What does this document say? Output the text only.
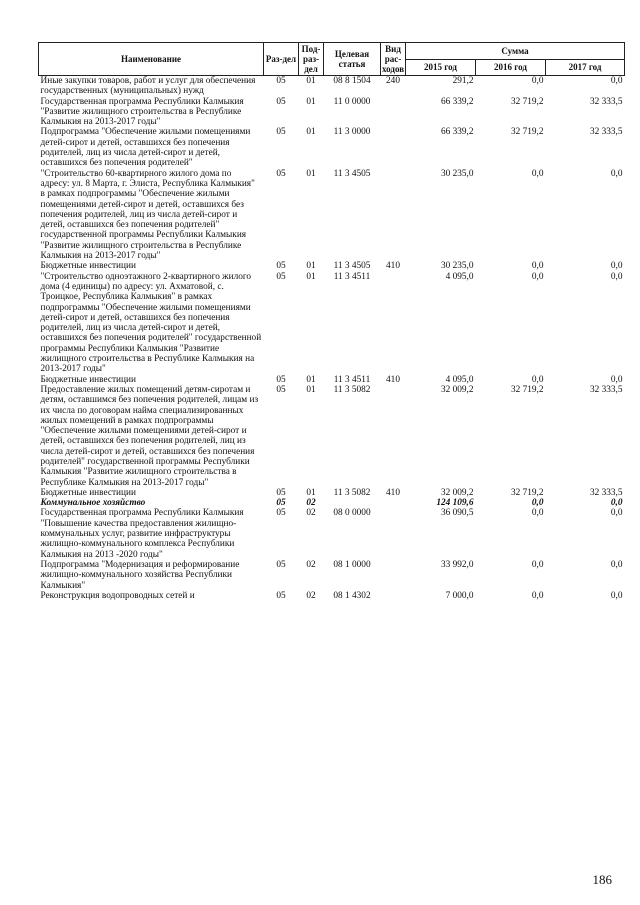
Наименование	Раз-дел	Под-раз-дел	Целевая статья	Вид рас-ходов	Сумма		
					2015 год	2016 год	2017 год
Иные закупки товаров, работ и услуг для обеспечения государственных (муниципальных) нужд	05	01	08 8 1504	240	291,2	0,0	0,0
Государственная программа Республики Калмыкия "Развитие жилищного строительства в Республике Калмыкия на 2013-2017 годы"	05	01	11 0 0000		66 339,2	32 719,2	32 333,5
Подпрограмма "Обеспечение жилыми помещениями детей-сирот и детей, оставшихся без попечения родителей, лиц из числа детей-сирот и детей, оставшихся без попечения родителей"	05	01	11 3 0000		66 339,2	32 719,2	32 333,5
"Строительство 60-квартирного жилого дома по адресу: ул. 8 Марта, г. Элиста, Республика Калмыкия" в рамках подпрограммы "Обеспечение жилыми помещениями детей-сирот и детей, оставшихся без попечения родителей, лиц из числа детей-сирот и детей, оставшихся без попечения родителей" государственной программы Республики Калмыкия "Развитие жилищного строительства в Республике Калмыкия на 2013-2017 годы"	05	01	11 3 4505		30 235,0	0,0	0,0
Бюджетные инвестиции	05	01	11 3 4505	410	30 235,0	0,0	0,0
"Строительство одноэтажного 2-квартирного жилого дома (4 единицы) по адресу: ул. Ахматовой, с. Троицкое, Республика Калмыкия" в рамках подпрограммы "Обеспечение жилыми помещениями детей-сирот и детей, оставшихся без попечения родителей, лиц из числа детей-сирот и детей, оставшихся без попечения родителей" государственной программы Республики Калмыкия "Развитие жилищного строительства в Республике Калмыкия на 2013-2017 годы"	05	01	11 3 4511		4 095,0	0,0	0,0
Бюджетные инвестиции	05	01	11 3 4511	410	4 095,0	0,0	0,0
Предоставление жилых помещений детям-сиротам и детям, оставшимся без попечения родителей, лицам из их числа по договорам найма специализированных жилых помещений в рамках подпрограммы "Обеспечение жилыми помещениями детей-сирот и детей, оставшихся без попечения родителей, лиц из числа детей-сирот и детей, оставшихся без попечения родителей" государственной программы Республики Калмыкия "Развитие жилищного строительства в Республике Калмыкия на 2013-2017 годы"	05	01	11 3 5082		32 009,2	32 719,2	32 333,5
Бюджетные инвестиции	05	01	11 3 5082	410	32 009,2	32 719,2	32 333,5
Коммунальное хозяйство	05	02			124 109,6	0,0	0,0
Государственная программа Республики Калмыкия "Повышение качества предоставления жилищно-коммунальных услуг, развитие инфраструктуры жилищно-коммунального комплекса Республики Калмыкия на 2013 -2020 годы"	05	02	08 0 0000		36 090,5	0,0	0,0
Подпрограмма "Модернизация и реформирование жилищно-коммунального хозяйства Республики Калмыкия"	05	02	08 1 0000		33 992,0	0,0	0,0
Реконструкция водопроводных сетей и	05	02	08 1 4302		7 000,0	0,0	0,0
186
